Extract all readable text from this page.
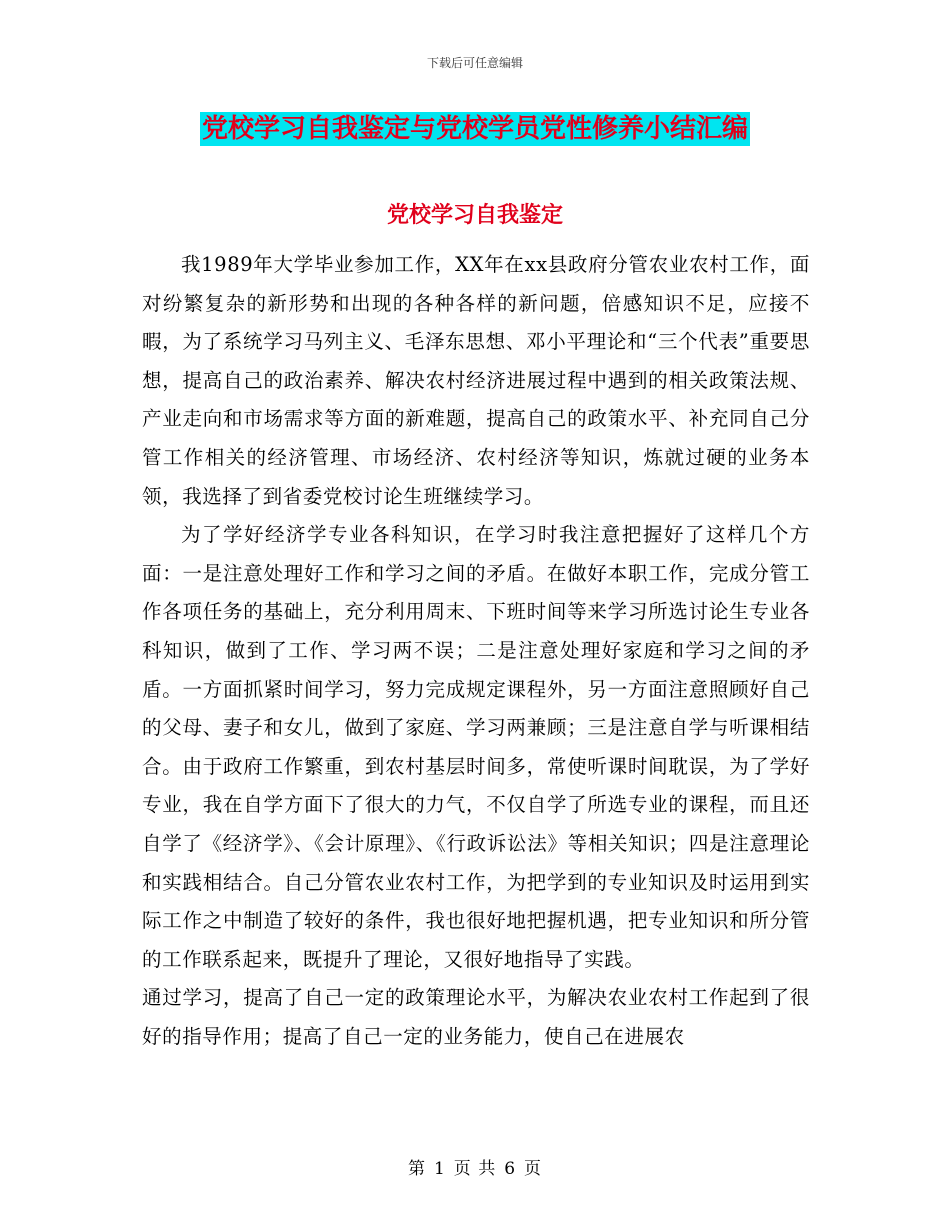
下载后可任意编辑
党校学习自我鉴定与党校学员党性修养小结汇编
党校学习自我鉴定

我1989年大学毕业参加工作，XX年在xx县政府分管农业农村工作，面对纷繁复杂的新形势和出现的各种各样的新问题，倍感知识不足，应接不暇，为了系统学习马列主义、毛泽东思想、邓小平理论和“三个代表”重要思想，提高自己的政治素养、解决农村经济进展过程中遇到的相关政策法规、产业走向和市场需求等方面的新难题，提高自己的政策水平、补充同自己分管工作相关的经济管理、市场经济、农村经济等知识，炼就过硬的业务本领，我选择了到省委党校讨论生班继续学习。

为了学好经济学专业各科知识，在学习时我注意把握好了这样几个方面：一是注意处理好工作和学习之间的矛盾。在做好本职工作，完成分管工作各项任务的基础上，充分利用周末、下班时间等来学习所选讨论生专业各科知识，做到了工作、学习两不误；二是注意处理好家庭和学习之间的矛盾。一方面抓紧时间学习，努力完成规定课程外，另一方面注意照顾好自己的父母、妻子和女儿，做到了家庭、学习两兼顾；三是注意自学与听课相结合。由于政府工作繁重，到农村基层时间多，常使听课时间耽误，为了学好专业，我在自学方面下了很大的力气，不仅自学了所选专业的课程，而且还自学了《经济学》、《会计原理》、《行政诉讼法》等相关知识；四是注意理论和实践相结合。自己分管农业农村工作，为把学到的专业知识及时运用到实际工作之中制造了较好的条件，我也很好地把握机遇，把专业知识和所分管的工作联系起来，既提升了理论，又很好地指导了实践。

通过学习，提高了自己一定的政策理论水平，为解决农业农村工作起到了很好的指导作用；提高了自己一定的业务能力，使自己在进展农

第 1 页 共 6 页
